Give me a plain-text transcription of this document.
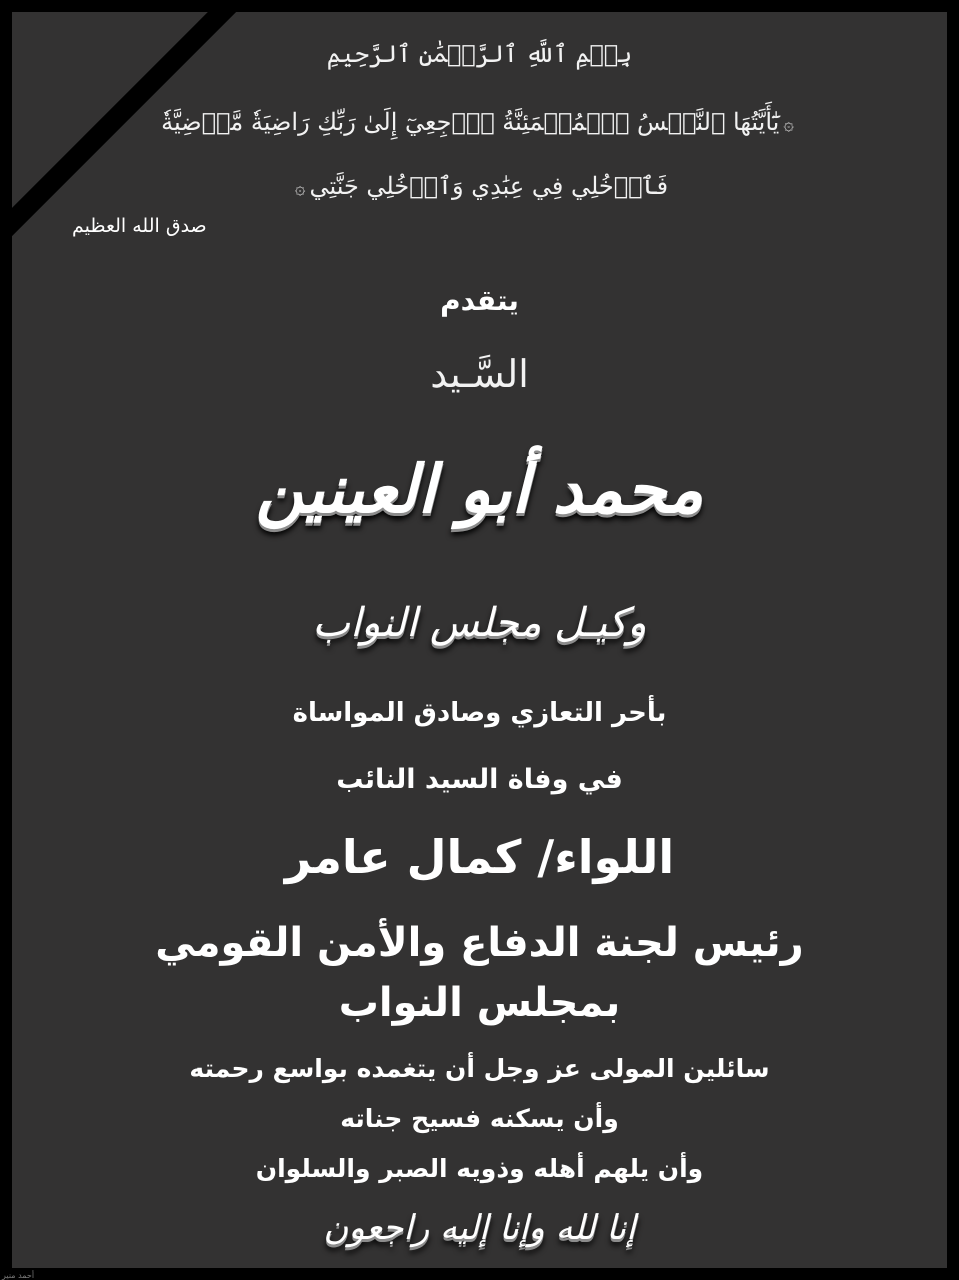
بِسۡمِ ٱللَّهِ ٱلرَّحۡمَٰنِ ٱلرَّحِيمِ
۞يَٰٓأَيَّتُهَا ٱلنَّفۡسُ ٱلۡمُطۡمَئِنَّةُ ٱرۡجِعِيٓ إِلَىٰ رَبِّكِ رَاضِيَةٗ مَّرۡضِيَّةٗ
فَٱدۡخُلِي فِي عِبَٰدِي وَٱدۡخُلِي جَنَّتِي۞
صدق الله العظيم
يتقدم
السَّـيد
محمد أبو العينين
وكيـل مجلس النواب
بأحر التعازي وصادق المواساة
في وفاة السيد النائب
اللواء/ كمال عامر
رئيس لجنة الدفاع والأمن القومي
بمجلس النواب
سائلين المولى عز وجل أن يتغمده بواسع رحمته
وأن يسكنه فسيح جناته
وأن يلهم أهله وذويه الصبر والسلوان
إنا لله وإنا إليه راجعون
أحمد منير
